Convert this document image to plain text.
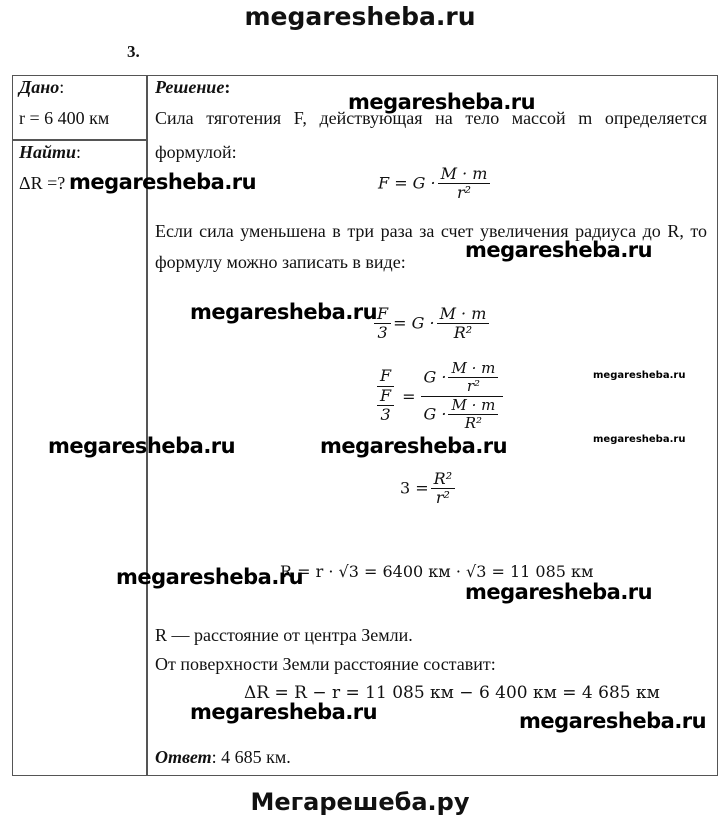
megaresheba.ru
3.
Дано:
r = 6 400 км
Найти:
ΔR =?
Решение:
Сила тяготения F, действующая на тело массой m определяется
формулой:
$F = G \cdot \frac{M \cdot m}{\text{r²}}$
Если сила уменьшена в три раза за счет увеличения радиуса до R, то
формулу можно записать в виде:
$\frac{F}{3} = G \cdot \frac{M \cdot m}{\text{R²}}$
$\frac{F}{\frac{F}{3}} = \frac{G \cdot \frac{M \cdot m}{\text{r²}}}{G \cdot \frac{M \cdot m}{\text{R²}}}$
$3 = \frac{\text{R²}}{\text{r²}}$
R = r · √3 = 6400 км · √3 = 11 085 км
R — расстояние от центра Земли.
От поверхности Земли расстояние составит:
ΔR = R − r = 11 085 км − 6 400 км = 4 685 км
Ответ: 4 685 км.
megaresheba.ru
megaresheba.ru
megaresheba.ru
megaresheba.ru
megaresheba.ru
megaresheba.ru	megaresheba.ru	megaresheba.ru
megaresheba.ru
megaresheba.ru
megaresheba.ru	megaresheba.ru
Мегарешеба.ру
